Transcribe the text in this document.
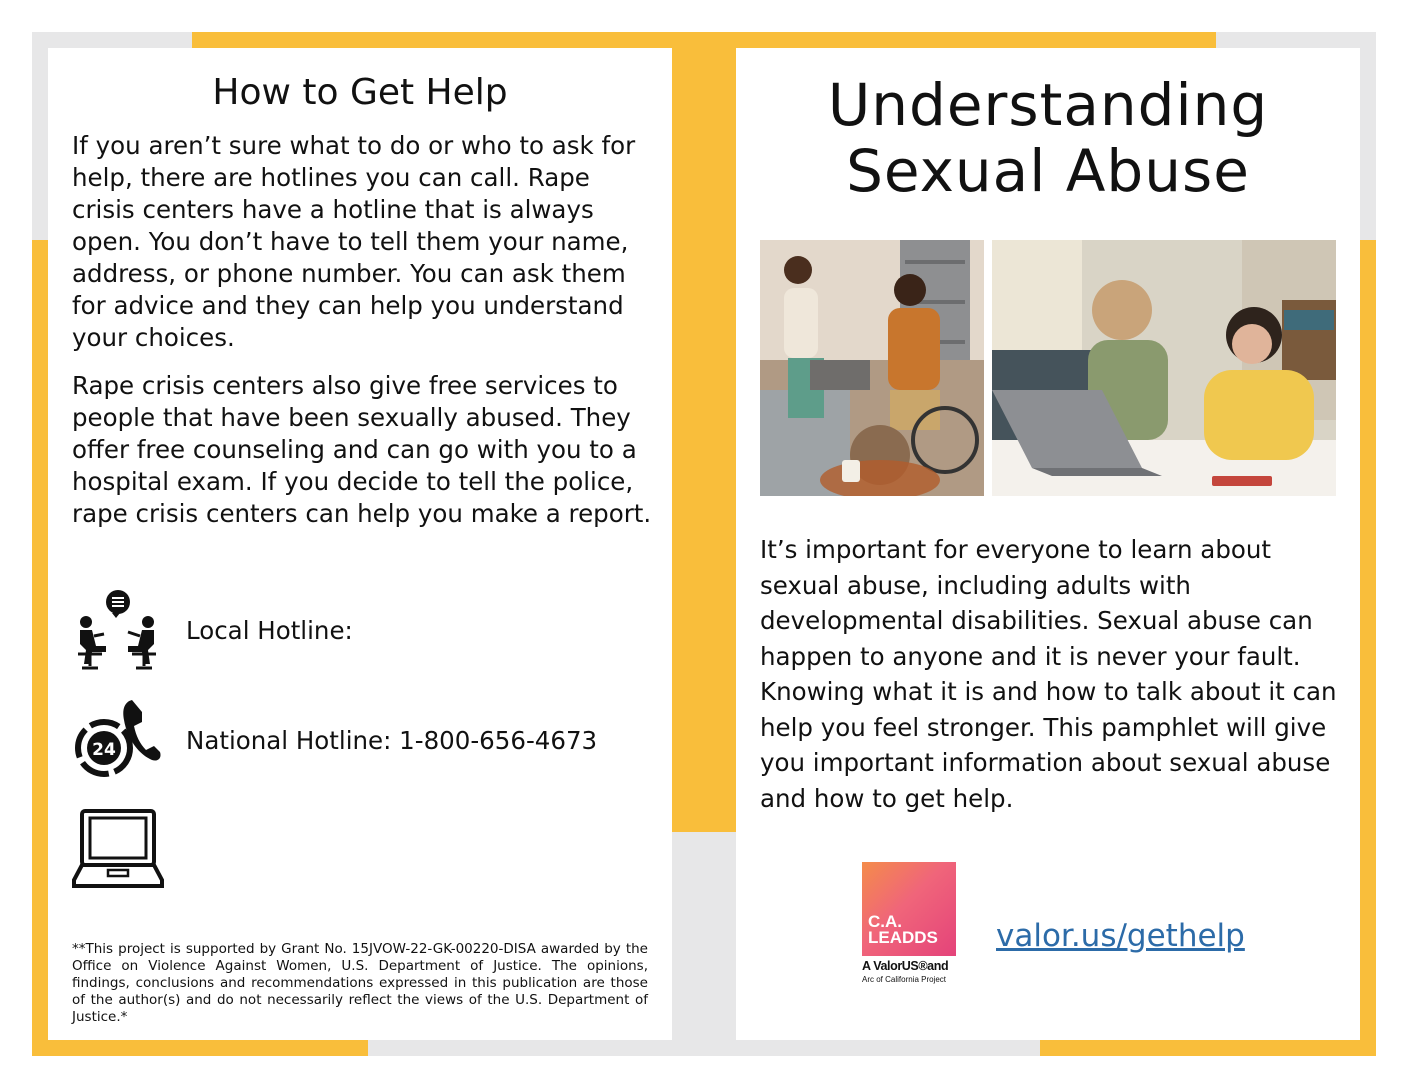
How to Get Help

If you aren’t sure what to do or who to ask for help, there are hotlines you can call. Rape crisis centers have a hotline that is always open. You don’t have to tell them your name, address, or phone number. You can ask them for advice and they can help you understand your choices.

Rape crisis centers also give free services to people that have been sexually abused. They offer free counseling and can go with you to a hospital exam. If you decide to tell the police, rape crisis centers can help you make a report.

Local Hotline:
24	National Hotline: 1-800-656-4673

**This project is supported by Grant No. 15JVOW-22-GK-00220-DISA awarded by the Office on Violence Against Women, U.S. Department of Justice. The opinions, findings, conclusions and recommendations expressed in this publication are those of the author(s) and do not necessarily reflect the views of the U.S. Department of Justice.*

Understanding
Sexual Abuse

It’s important for everyone to learn about sexual abuse, including adults with developmental disabilities. Sexual abuse can happen to anyone and it is never your fault. Knowing what it is and how to talk about it can help you feel stronger. This pamphlet will give you important information about sexual abuse and how to get help.

C.A.
LEADDS
A ValorUS®and
Arc of California Project
valor.us/gethelp
